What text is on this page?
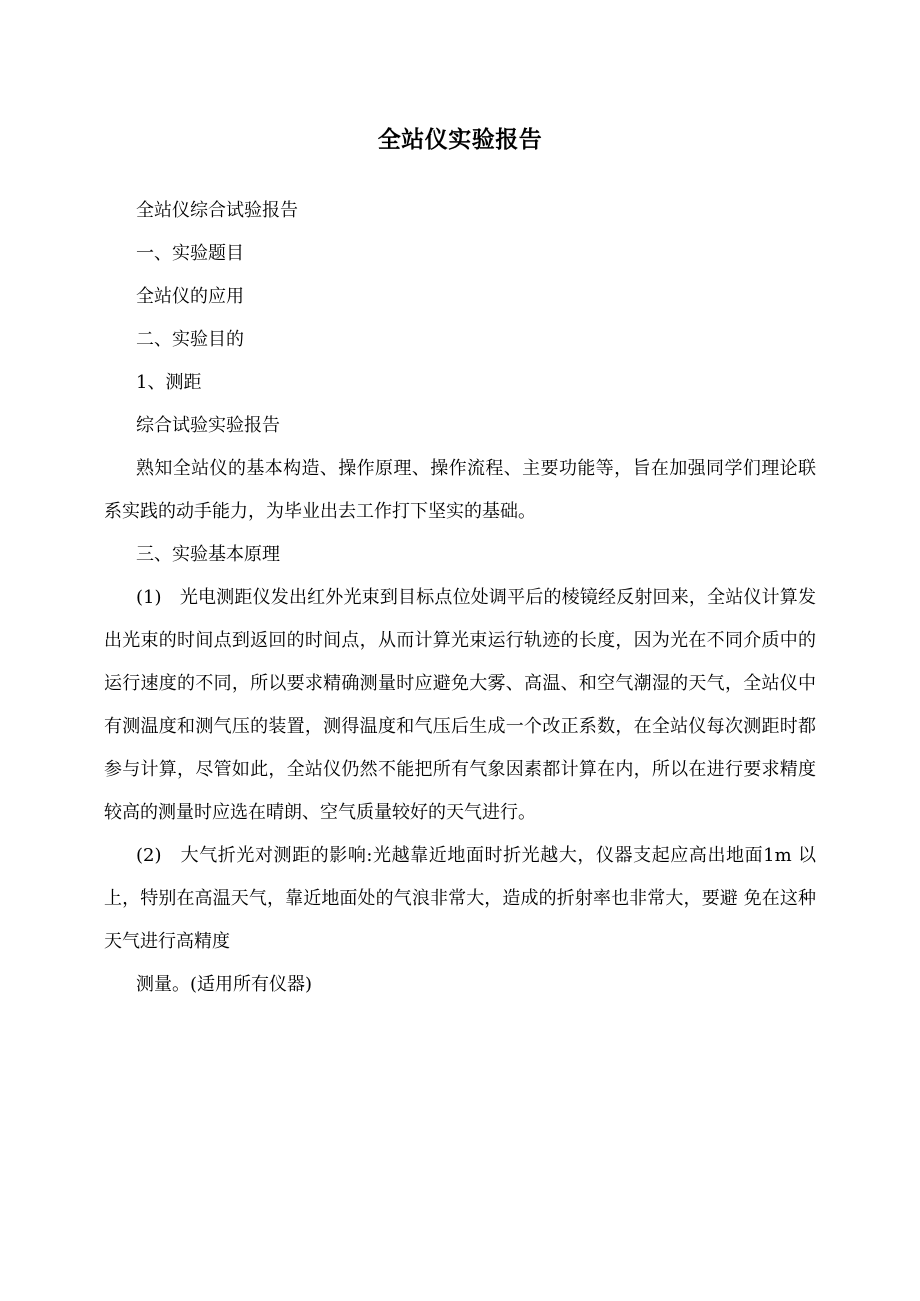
全站仪实验报告

全站仪综合试验报告

一、实验题目

全站仪的应用

二、实验目的

1、测距

综合试验实验报告

熟知全站仪的基本构造、操作原理、操作流程、主要功能等，旨在加强同学们理论联系实践的动手能力，为毕业出去工作打下坚实的基础。

三、实验基本原理

(1)　光电测距仪发出红外光束到目标点位处调平后的棱镜经反射回来，全站仪计算发出光束的时间点到返回的时间点，从而计算光束运行轨迹的长度，因为光在不同介质中的运行速度的不同，所以要求精确测量时应避免大雾、高温、和空气潮湿的天气，全站仪中有测温度和测气压的装置，测得温度和气压后生成一个改正系数，在全站仪每次测距时都参与计算，尽管如此，全站仪仍然不能把所有气象因素都计算在内，所以在进行要求精度较高的测量时应选在晴朗、空气质量较好的天气进行。

(2)　大气折光对测距的影响:光越靠近地面时折光越大，仪器支起应高出地面1m 以上，特别在高温天气，靠近地面处的气浪非常大，造成的折射率也非常大，要避 免在这种天气进行高精度

测量。(适用所有仪器)
